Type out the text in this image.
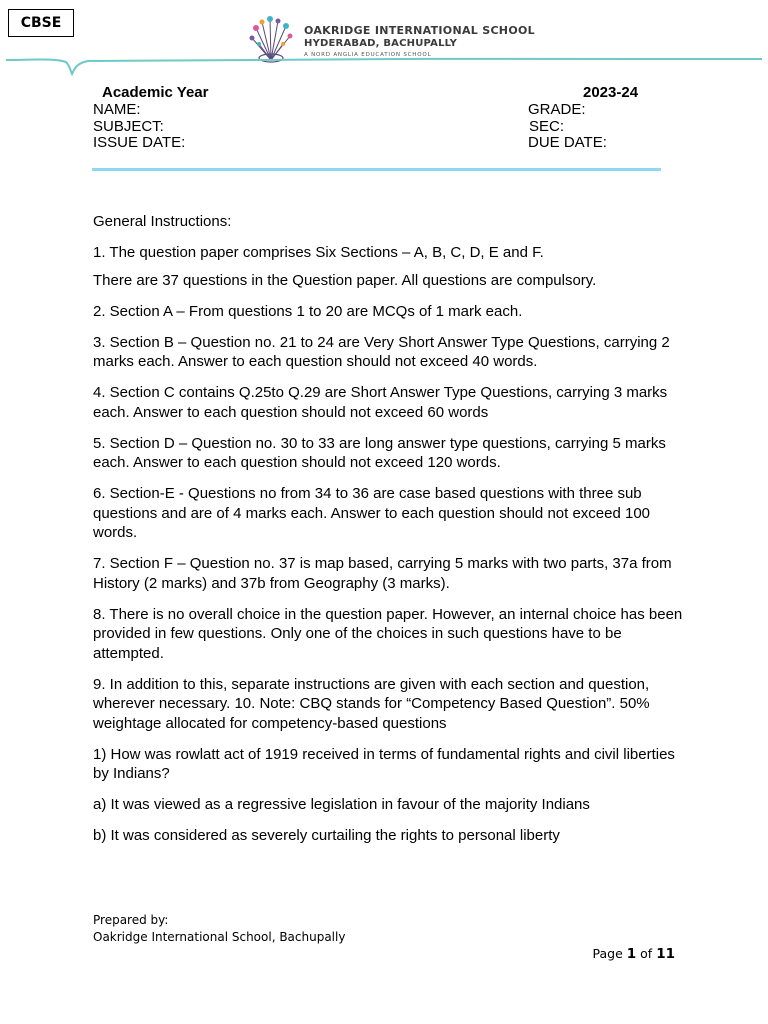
CBSE	OAKRIDGE INTERNATIONAL SCHOOL
HYDERABAD, BACHUPALLY
A NORD ANGLIA EDUCATION SCHOOL
Academic Year	2023-24
NAME:	GRADE:
SUBJECT:	SEC:
ISSUE DATE:	DUE DATE:

General Instructions:

1. The question paper comprises Six Sections – A, B, C, D, E and F.

There are 37 questions in the Question paper. All questions are compulsory.

2. Section A – From questions 1 to 20 are MCQs of 1 mark each.

3. Section B – Question no. 21 to 24 are Very Short Answer Type Questions, carrying 2 marks each. Answer to each question should not exceed 40 words.

4. Section C contains Q.25to Q.29 are Short Answer Type Questions, carrying 3 marks each. Answer to each question should not exceed 60 words

5. Section D – Question no. 30 to 33 are long answer type questions, carrying 5 marks each. Answer to each question should not exceed 120 words.

6. Section-E - Questions no from 34 to 36 are case based questions with three sub questions and are of 4 marks each. Answer to each question should not exceed 100 words.

7. Section F – Question no. 37 is map based, carrying 5 marks with two parts, 37a from History (2 marks) and 37b from Geography (3 marks).

8. There is no overall choice in the question paper. However, an internal choice has been provided in few questions. Only one of the choices in such questions have to be attempted.

9. In addition to this, separate instructions are given with each section and question, wherever necessary. 10. Note: CBQ stands for “Competency Based Question”. 50% weightage allocated for competency-based questions

1) How was rowlatt act of 1919 received in terms of fundamental rights and civil liberties by Indians?

a) It was viewed as a regressive legislation in favour of the majority Indians

b) It was considered as severely curtailing the rights to personal liberty

Prepared by:
Oakridge International School, Bachupally
Page 1 of 11
